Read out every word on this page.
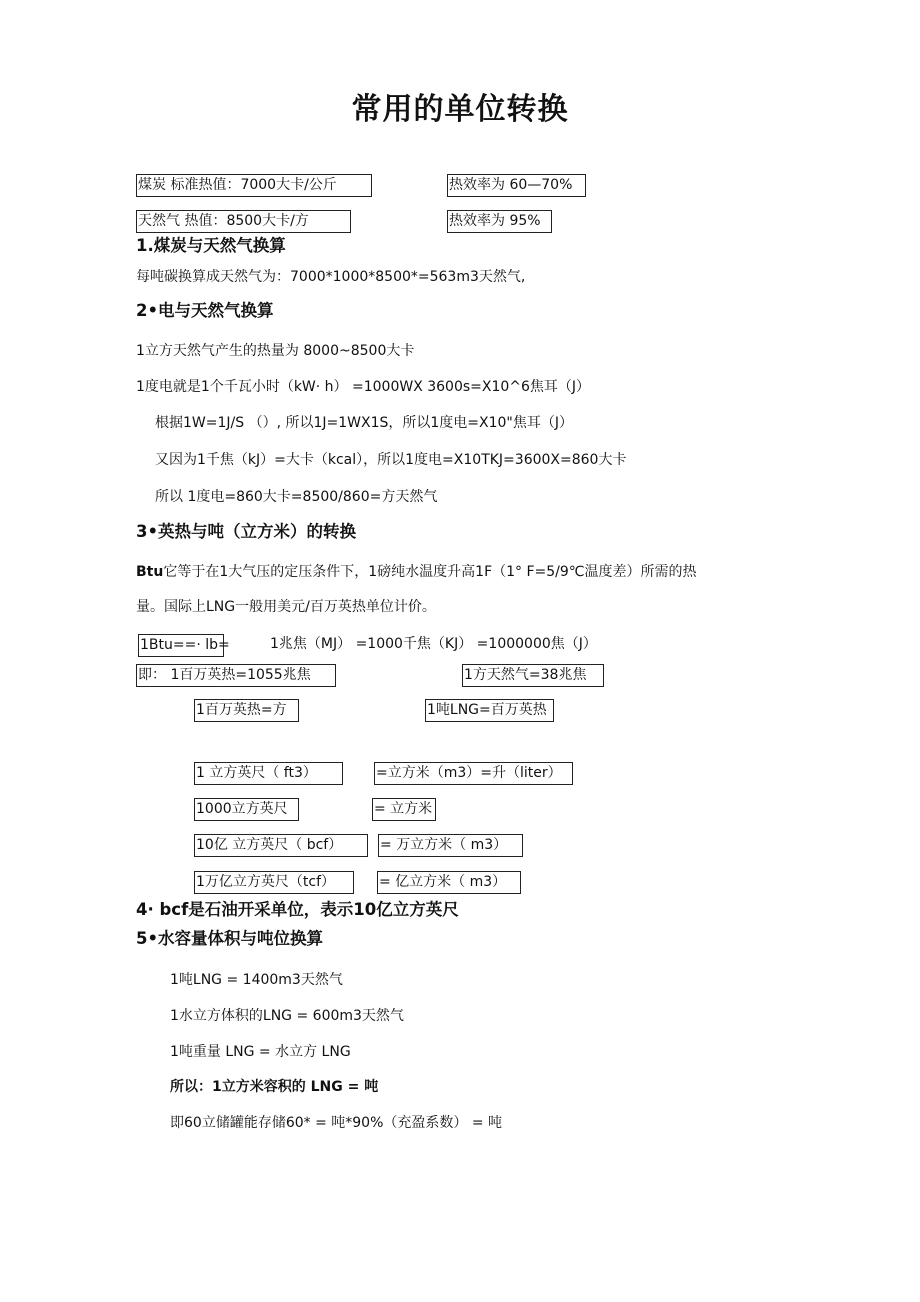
常用的单位转换
煤炭 标准热值：7000大卡/公斤	热效率为 60—70%
天然气 热值：8500大卡/方	热效率为 95%
1.煤炭与天然气换算
每吨碳换算成天然气为：7000*1000*8500*=563m3天然气,
2•电与天然气换算
1立方天然气产生的热量为 8000~8500大卡
1度电就是1个千瓦小时（kW· h） =1000WX 3600s=X10^6焦耳（J）
根据1W=1J/S （）, 所以1J=1WX1S，所以1度电=X10"焦耳（J）
又因为1千焦（kJ）=大卡（kcal），所以1度电=X10TKJ=3600X=860大卡
所以 1度电=860大卡=8500/860=方天然气
3•英热与吨（立方米）的转换
Btu它等于在1大气压的定压条件下，1磅纯水温度升高1F（1° F=5/9℃温度差）所需的热
量。国际上LNG一般用美元/百万英热单位计价。
1Btu==· lb=	1兆焦（MJ） =1000千焦（KJ） =1000000焦（J）
即： 1百万英热=1055兆焦	1方天然气=38兆焦
1百万英热=方	1吨LNG=百万英热
1 立方英尺（ ft3）	=立方米（m3）=升（liter）
1000立方英尺	= 立方米
10亿 立方英尺（ bcf）	= 万立方米（ m3）
1万亿立方英尺（tcf）	= 亿立方米（ m3）
4· bcf是石油开采单位，表示10亿立方英尺
5•水容量体积与吨位换算
1吨LNG = 1400m3天然气
1水立方体积的LNG = 600m3天然气
1吨重量 LNG = 水立方 LNG
所以：1立方米容积的 LNG = 吨
即60立储罐能存储60* = 吨*90%（充盈系数） = 吨
